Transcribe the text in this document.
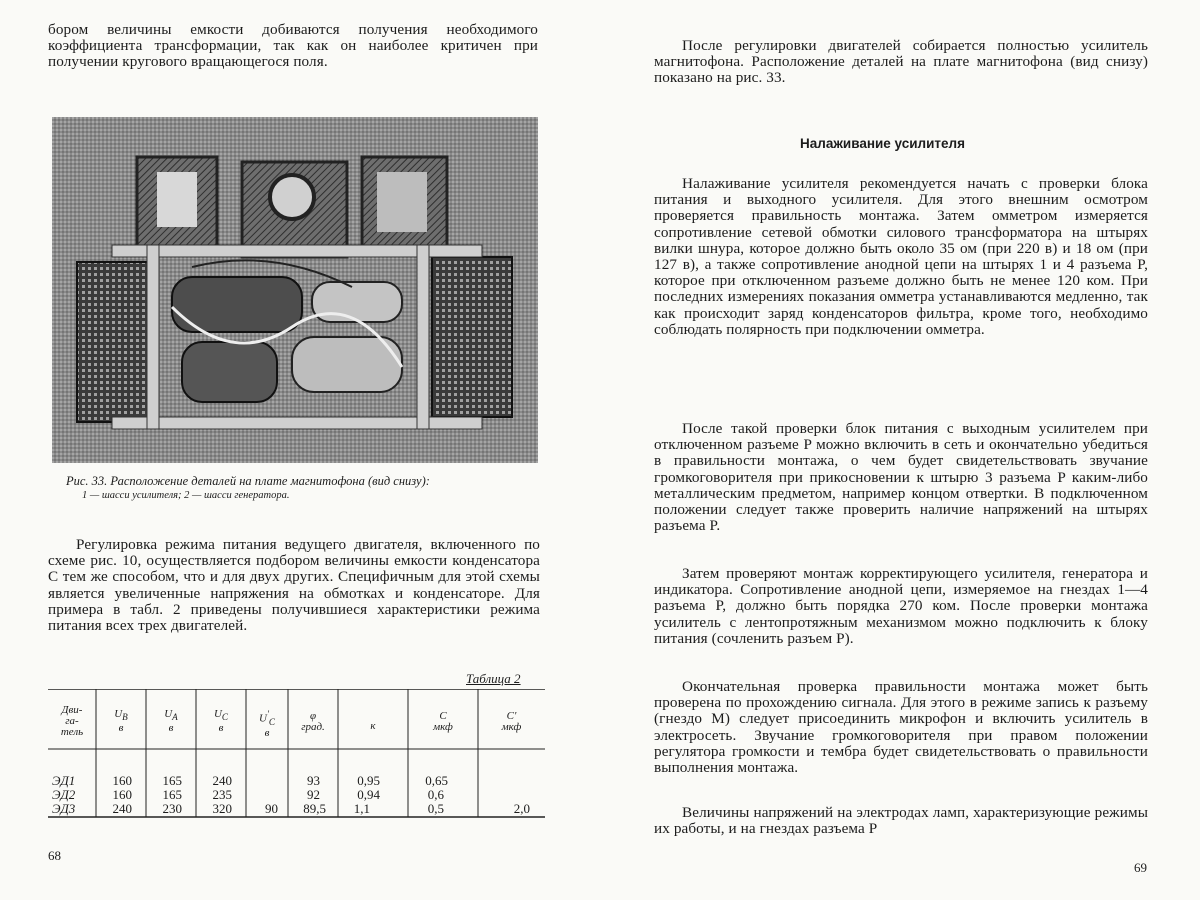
бором величины емкости добиваются получения необходимого коэффициента трансформации, так как он наиболее критичен при получении кругового вращающегося поля.

Рис. 33. Расположение деталей на плате магнитофона (вид снизу):
1 — шасси усилителя; 2 — шасси генератора.

Регулировка режима питания ведущего двигателя, включенного по схеме рис. 10, осуществляется подбором величины емкости конденсатора C тем же способом, что и для двух других. Специфичным для этой схемы является увеличенные напряжения на обмотках и конденсаторе. Для примера в табл. 2 приведены получившиеся характеристики режима питания всех трех двигателей.

Таблица 2
Дви-
га-
тель
UB
в
UA
в
UC
в
U'C
в
φ
град.	к
C
мкф
C'
мкф
ЭД1	160	165	240	93	0,95	0,65
ЭД2	160	165	235	92	0,94	0,6
ЭД3	240	230	320	90	89,5	1,1	0,5	2,0
68

После регулировки двигателей собирается полностью усилитель магнитофона. Расположение деталей на плате магнитофона (вид снизу) показано на рис. 33.

Налаживание усилителя

Налаживание усилителя рекомендуется начать с проверки блока питания и выходного усилителя. Для этого внешним осмотром проверяется правильность монтажа. Затем омметром измеряется сопротивление сетевой обмотки силового трансформатора на штырях вилки шнура, которое должно быть около 35 ом (при 220 в) и 18 ом (при 127 в), а также сопротивление анодной цепи на штырях 1 и 4 разъема P, которое при отключенном разъеме должно быть не менее 120 ком. При последних измерениях показания омметра устанавливаются медленно, так как происходит заряд конденсаторов фильтра, кроме того, необходимо соблюдать полярность при подключении омметра.

После такой проверки блок питания с выходным усилителем при отключенном разъеме P можно включить в сеть и окончательно убедиться в правильности монтажа, о чем будет свидетельствовать звучание громкоговорителя при прикосновении к штырю 3 разъема P каким-либо металлическим предметом, например концом отвертки. В подключенном положении следует также проверить наличие напряжений на штырях разъема P.

Затем проверяют монтаж корректирующего усилителя, генератора и индикатора. Сопротивление анодной цепи, измеряемое на гнездах 1—4 разъема P, должно быть порядка 270 ком. После проверки монтажа усилитель с лентопротяжным механизмом можно подключить к блоку питания (сочленить разъем P).

Окончательная проверка правильности монтажа может быть проверена по прохождению сигнала. Для этого в режиме запись к разъему (гнездо M) следует присоединить микрофон и включить усилитель в электросеть. Звучание громкоговорителя при правом положении регулятора громкости и тембра будет свидетельствовать о правильности выполнения монтажа.

Величины напряжений на электродах ламп, характеризующие режимы их работы, и на гнездах разъема P

69
